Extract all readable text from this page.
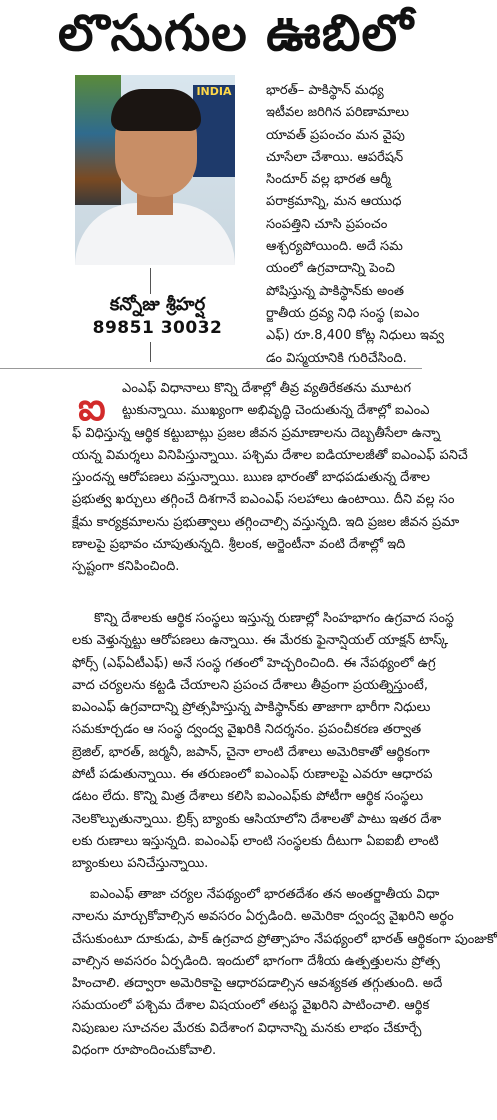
లొసుగుల ఊబిలో
INDIA
కన్నోజు శ్రీహర్ష
89851 30032
భారత్– పాకిస్థాన్ మధ్య
ఇటీవల జరిగిన పరిణామాలు
యావత్ ప్రపంచం మన వైపు
చూసేలా చేశాయి. ఆపరేషన్
సిందూర్ వల్ల భారత ఆర్మీ
పరాక్రమాన్ని, మన ఆయుధ
సంపత్తిని చూసి ప్రపంచం
ఆశ్చర్యపోయింది. అదే సమ
యంలో ఉగ్రవాదాన్ని పెంచి
పోషిస్తున్న పాకిస్థాన్‌కు అంత
ర్జాతీయ ద్రవ్య నిధి సంస్థ (ఐఎం
ఎఫ్) రూ.8,400 కోట్ల నిధులు ఇవ్వ
డం విస్మయానికి గురిచేసింది.
ఐ	ఎంఎఫ్ విధానాలు కొన్ని దేశాల్లో తీవ్ర వ్యతిరేకతను మూటగ
ట్టుకున్నాయి. ముఖ్యంగా అభివృద్ధి చెందుతున్న దేశాల్లో ఐఎంఎ
ఫ్ విధిస్తున్న ఆర్థిక కట్టుబాట్లు ప్రజల జీవన ప్రమాణాలను దెబ్బతీసేలా ఉన్నా
యన్న విమర్శలు వినిపిస్తున్నాయి. పశ్చిమ దేశాల ఐడియాలజీతో ఐఎంఎఫ్ పనిచే
స్తుందన్న ఆరోపణలు వస్తున్నాయి. ఋణ భారంతో బాధపడుతున్న దేశాల
ప్రభుత్వ ఖర్చులు తగ్గించే దిశగానే ఐఎంఎఫ్ సలహాలు ఉంటాయి. దీని వల్ల సం
క్షేమ కార్యక్రమాలను ప్రభుత్వాలు తగ్గించాల్సి వస్తున్నది. ఇది ప్రజల జీవన ప్రమా
ణాలపై ప్రభావం చూపుతున్నది. శ్రీలంక, అర్జెంటీనా వంటి దేశాల్లో ఇది
స్పష్టంగా కనిపించింది.
కొన్ని దేశాలకు ఆర్థిక సంస్థలు ఇస్తున్న రుణాల్లో సింహభాగం ఉగ్రవాద సంస్థ
లకు వెళ్తున్నట్టు ఆరోపణలు ఉన్నాయి. ఈ మేరకు ఫైనాన్షియల్ యాక్షన్ టాస్క్
ఫోర్స్ (ఎఫ్‌ఏటీఎఫ్) అనే సంస్థ గతంలో హెచ్చరించింది. ఈ నేపథ్యంలో ఉగ్ర
వాద చర్యలను కట్టడి చేయాలని ప్రపంచ దేశాలు తీవ్రంగా ప్రయత్నిస్తుంటే,
ఐఎంఎఫ్ ఉగ్రవాదాన్ని ప్రోత్సహిస్తున్న పాకిస్థాన్‌కు తాజాగా భారీగా నిధులు
సమకూర్చడం ఆ సంస్థ ద్వంద్వ వైఖరికి నిదర్శనం. ప్రపంచీకరణ తర్వాత
బ్రెజిల్, భారత్, జర్మనీ, జపాన్, చైనా లాంటి దేశాలు అమెరికాతో ఆర్థికంగా
పోటీ పడుతున్నాయి. ఈ తరుణంలో ఐఎంఎఫ్ రుణాలపై ఎవరూ ఆధారప
డటం లేదు. కొన్ని మిత్ర దేశాలు కలిసి ఐఎంఎఫ్‌కు పోటీగా ఆర్థిక సంస్థలు
నెలకొల్పుతున్నాయి. బ్రిక్స్ బ్యాంకు ఆసియాలోని దేశాలతో పాటు ఇతర దేశా
లకు రుణాలు ఇస్తున్నది. ఐఎంఎఫ్ లాంటి సంస్థలకు దీటుగా ఏఐఐబీ లాంటి
బ్యాంకులు పనిచేస్తున్నాయి.
ఐఎంఎఫ్ తాజా చర్యల నేపథ్యంలో భారతదేశం తన అంతర్జాతీయ విధా
నాలను మార్చుకోవాల్సిన అవసరం ఏర్పడింది. అమెరికా ద్వంద్వ వైఖరిని అర్థం
చేసుకుంటూ దూకుడు, పాక్ ఉగ్రవాద ప్రోత్సాహం నేపథ్యంలో భారత్ ఆర్థికంగా పుంజుకో
వాల్సిన అవసరం ఏర్పడింది. ఇందులో భాగంగా దేశీయ ఉత్పత్తులను ప్రోత్స
హించాలి. తద్వారా అమెరికాపై ఆధారపడాల్సిన ఆవశ్యకత తగ్గుతుంది. అదే
సమయంలో పశ్చిమ దేశాల విషయంలో తటస్థ వైఖరిని పాటించాలి. ఆర్థిక
నిపుణుల సూచనల మేరకు విదేశాంగ విధానాన్ని మనకు లాభం చేకూర్చే
విధంగా రూపొందించుకోవాలి.
